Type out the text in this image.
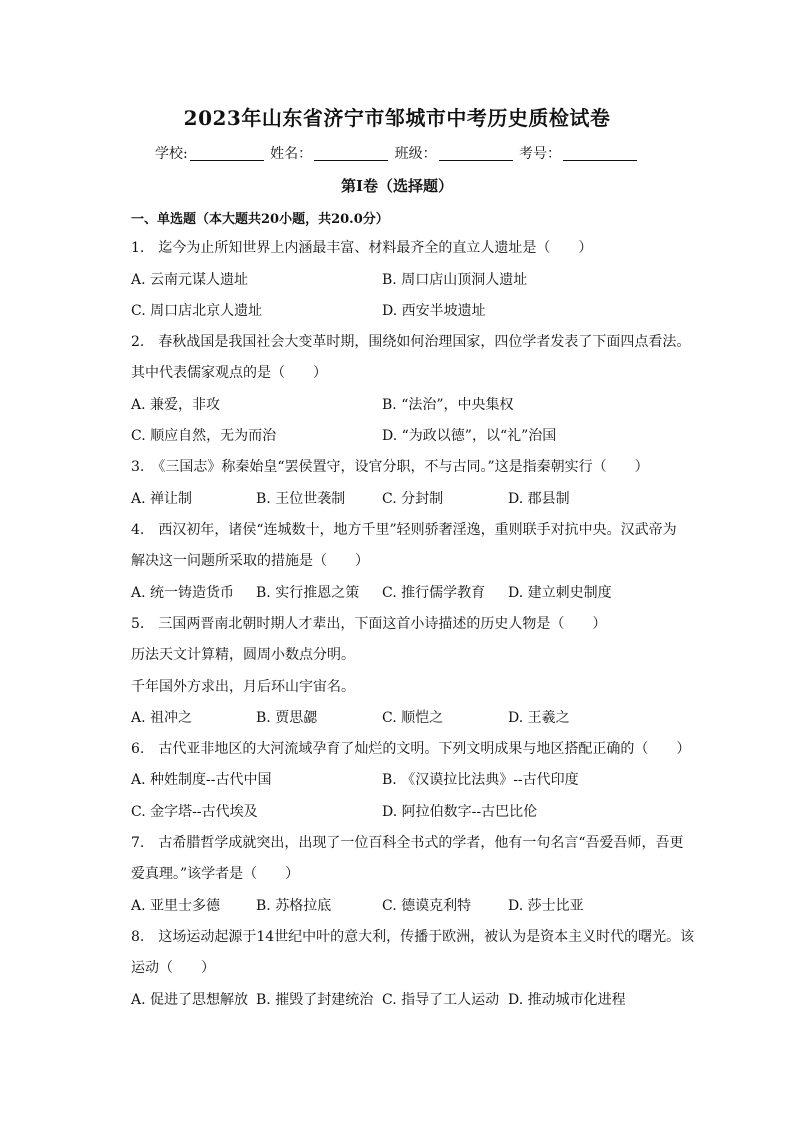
2023年山东省济宁市邹城市中考历史质检试卷
学校:	姓名：	班级：	考号：
第Ⅰ卷（选择题）
一、单选题（本大题共20小题，共20.0分）
1.　迄今为止所知世界上内涵最丰富、材料最齐全的直立人遗址是（　　）
A. 云南元谋人遗址	B. 周口店山顶洞人遗址
C. 周口店北京人遗址	D. 西安半坡遗址
2.　春秋战国是我国社会大变革时期，围绕如何治理国家，四位学者发表了下面四点看法。
其中代表儒家观点的是（　　）
A. 兼爱，非攻	B. “法治”，中央集权
C. 顺应自然，无为而治	D. “为政以德”，以“礼”治国
3.　《三国志》称秦始皇“罢侯置守，设官分职，不与古同。”这是指秦朝实行（　　）
A. 禅让制	B. 王位世袭制	C. 分封制	D. 郡县制
4.　西汉初年，诸侯“连城数十，地方千里”轻则骄奢淫逸，重则联手对抗中央。汉武帝为
解决这一问题所采取的措施是（　　）
A. 统一铸造货币 B. 实行推恩之策 C. 推行儒学教育 D. 建立刺史制度
5.　三国两晋南北朝时期人才辈出，下面这首小诗描述的历史人物是（　　）
历法天文计算精，圆周小数点分明。
千年国外方求出，月后环山宇宙名。
A. 祖冲之	B. 贾思勰	C. 顺恺之	D. 王羲之
6.　古代亚非地区的大河流域孕育了灿烂的文明。下列文明成果与地区搭配正确的（　　）
A. 种姓制度--古代中国	B. 《汉谟拉比法典》--古代印度
C. 金字塔--古代埃及	D. 阿拉伯数字--古巴比伦
7.　古希腊哲学成就突出，出现了一位百科全书式的学者，他有一句名言“吾爱吾师，吾更
爱真理。”该学者是（　　）
A. 亚里士多德	B. 苏格拉底	C. 德谟克利特	D. 莎士比亚
8.　这场运动起源于14世纪中叶的意大利，传播于欧洲，被认为是资本主义时代的曙光。该
运动（　　）
A. 促进了思想解放 B. 摧毁了封建统治 C. 指导了工人运动 D. 推动城市化进程
